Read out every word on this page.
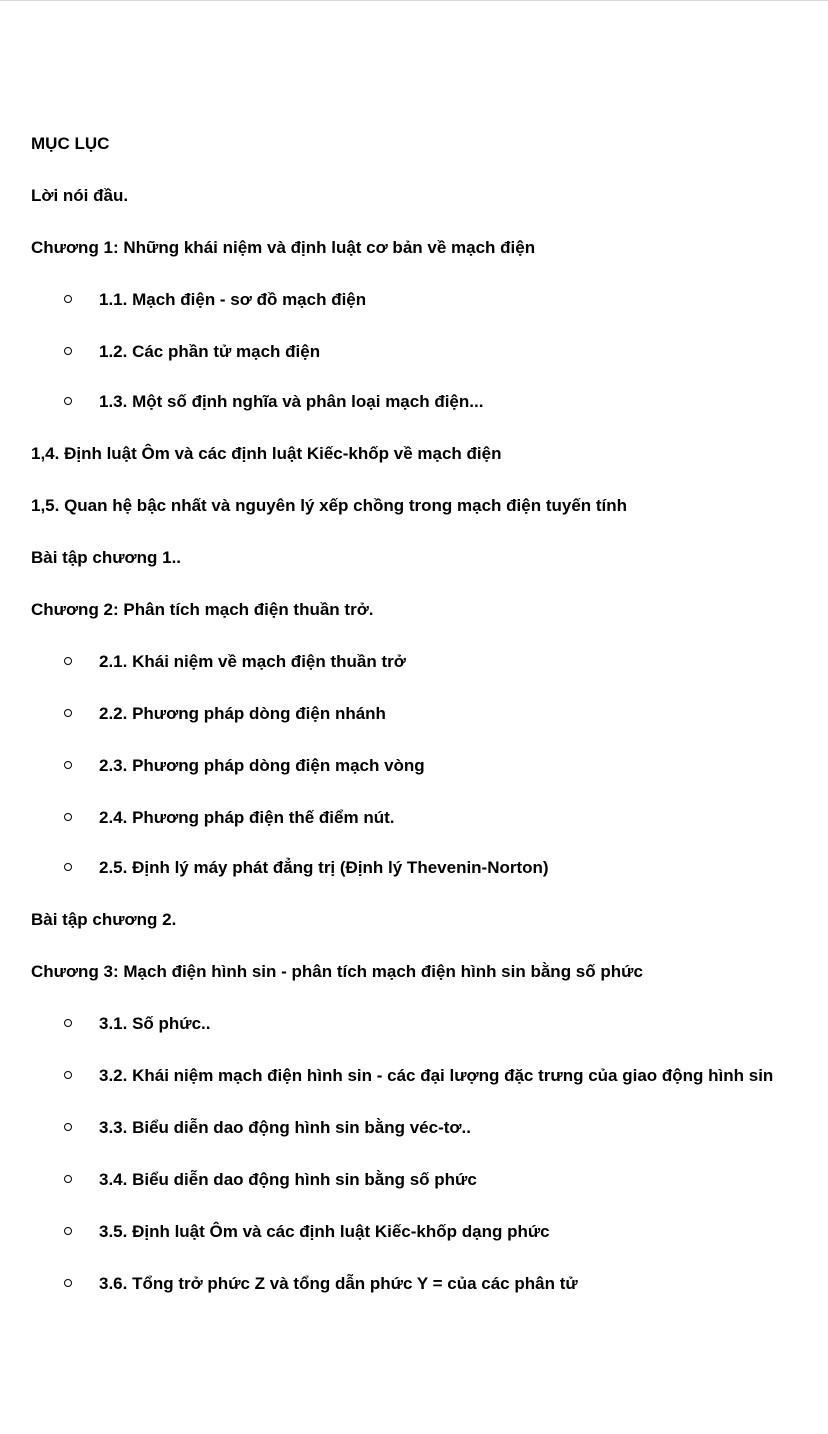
MỤC LỤC
Lời nói đầu.
Chương 1: Những khái niệm và định luật cơ bản về mạch điện
1.1. Mạch điện - sơ đồ mạch điện
1.2. Các phần tử mạch điện
1.3. Một số định nghĩa và phân loại mạch điện...
1,4. Định luật Ôm và các định luật Kiếc-khốp về mạch điện
1,5. Quan hệ bậc nhất và nguyên lý xếp chồng trong mạch điện tuyến tính
Bài tập chương 1..
Chương 2: Phân tích mạch điện thuần trở.
2.1. Khái niệm về mạch điện thuần trở
2.2. Phương pháp dòng điện nhánh
2.3. Phương pháp dòng điện mạch vòng
2.4. Phương pháp điện thế điểm nút.
2.5. Định lý máy phát đẳng trị (Định lý Thevenin-Norton)
Bài tập chương 2.
Chương 3: Mạch điện hình sin - phân tích mạch điện hình sin bằng số phức
3.1. Số phức..
3.2. Khái niệm mạch điện hình sin - các đại lượng đặc trưng của giao động hình sin
3.3. Biểu diễn dao động hình sin bằng véc-tơ..
3.4. Biểu diễn dao động hình sin bằng số phức
3.5. Định luật Ôm và các định luật Kiếc-khốp dạng phức
3.6. Tổng trở phức Z và tổng dẫn phức Y = của các phân tử
